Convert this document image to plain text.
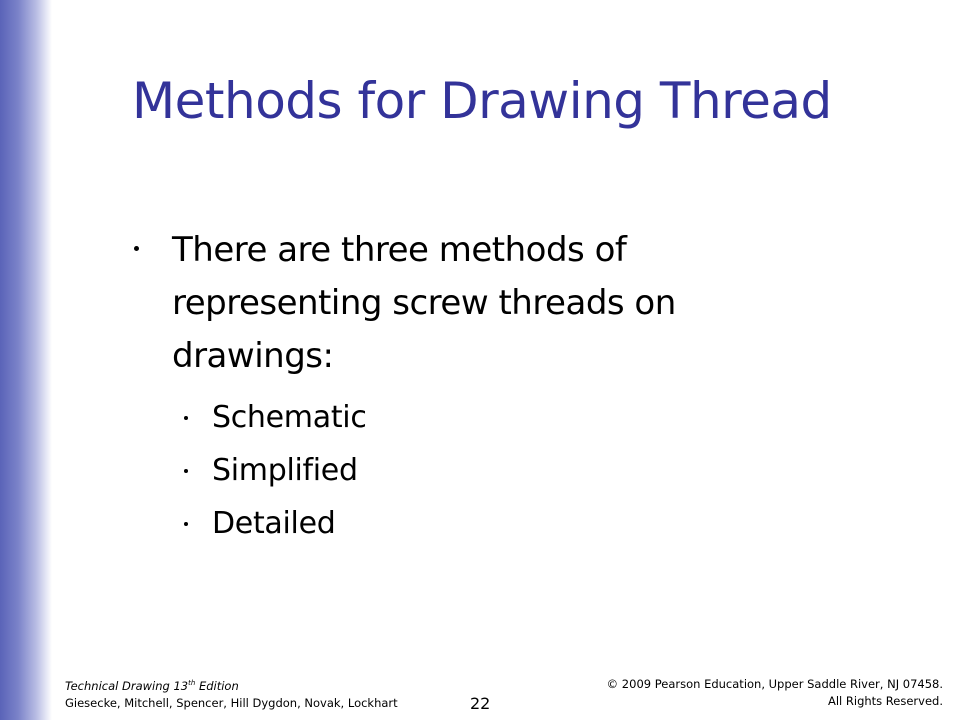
Methods for Drawing Thread
There are three methods of representing screw threads on drawings:
Schematic
Simplified
Detailed
Technical Drawing 13th Edition
Giesecke, Mitchell, Spencer, Hill Dygdon, Novak, Lockhart	22
© 2009 Pearson Education, Upper Saddle River, NJ 07458.
All Rights Reserved.
